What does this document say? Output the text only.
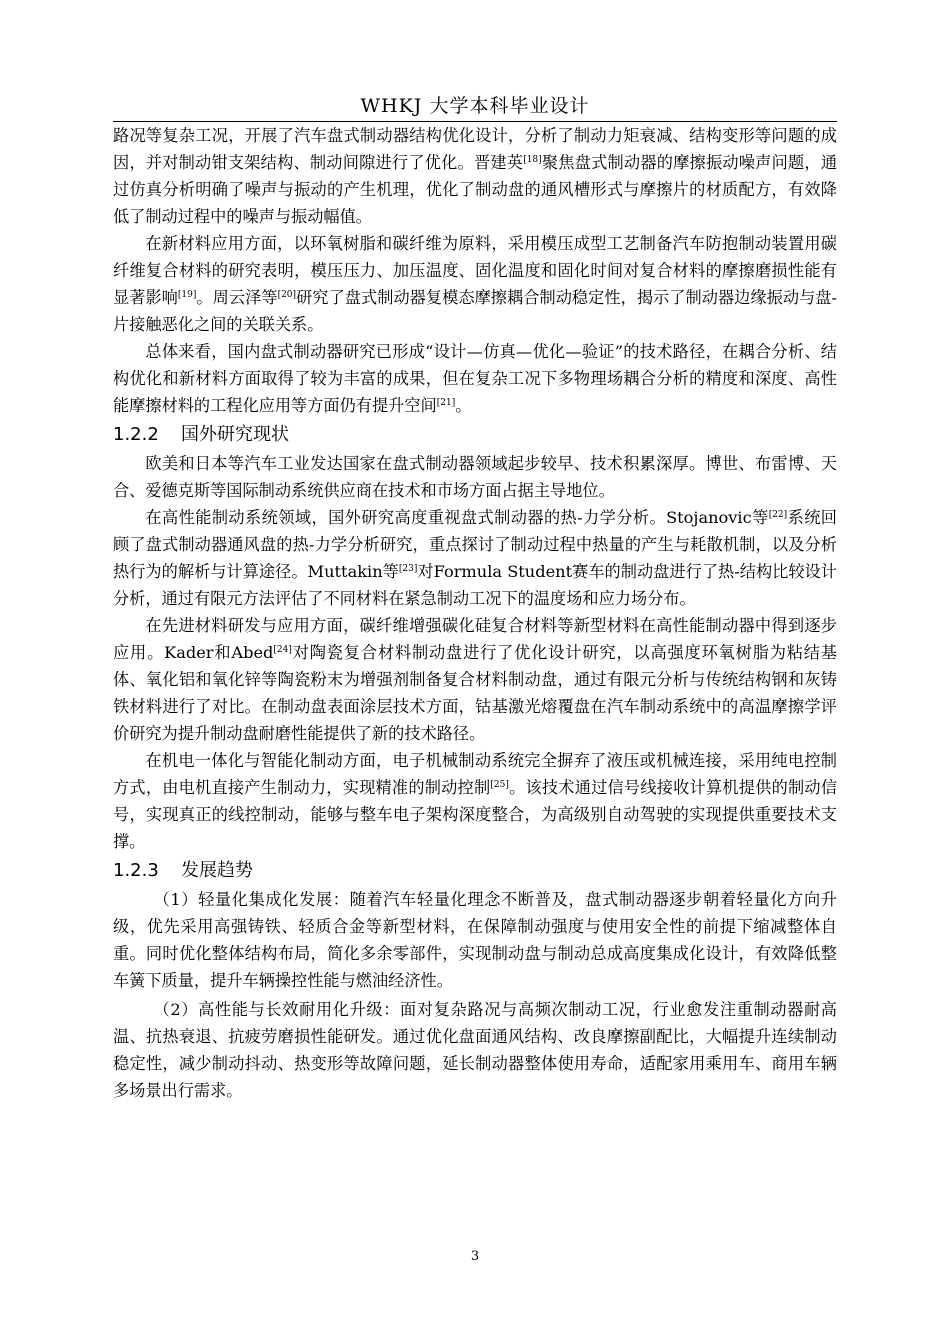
WHKJ 大学本科毕业设计

路况等复杂工况，开展了汽车盘式制动器结构优化设计，分析了制动力矩衰减、结构变形等问题的成因，并对制动钳支架结构、制动间隙进行了优化。晋建英[18]聚焦盘式制动器的摩擦振动噪声问题，通过仿真分析明确了噪声与振动的产生机理，优化了制动盘的通风槽形式与摩擦片的材质配方，有效降低了制动过程中的噪声与振动幅值。

在新材料应用方面，以环氧树脂和碳纤维为原料，采用模压成型工艺制备汽车防抱制动装置用碳纤维复合材料的研究表明，模压压力、加压温度、固化温度和固化时间对复合材料的摩擦磨损性能有显著影响[19]。周云泽等[20]研究了盘式制动器复模态摩擦耦合制动稳定性，揭示了制动器边缘振动与盘-片接触恶化之间的关联关系。

总体来看，国内盘式制动器研究已形成“设计—仿真—优化—验证”的技术路径，在耦合分析、结构优化和新材料方面取得了较为丰富的成果，但在复杂工况下多物理场耦合分析的精度和深度、高性能摩擦材料的工程化应用等方面仍有提升空间[21]。

1.2.2 国外研究现状

欧美和日本等汽车工业发达国家在盘式制动器领域起步较早、技术积累深厚。博世、布雷博、天合、爱德克斯等国际制动系统供应商在技术和市场方面占据主导地位。

在高性能制动系统领域，国外研究高度重视盘式制动器的热-力学分析。Stojanovic等[22]系统回顾了盘式制动器通风盘的热-力学分析研究，重点探讨了制动过程中热量的产生与耗散机制，以及分析热行为的解析与计算途径。Muttakin等[23]对Formula Student赛车的制动盘进行了热-结构比较设计分析，通过有限元方法评估了不同材料在紧急制动工况下的温度场和应力场分布。

在先进材料研发与应用方面，碳纤维增强碳化硅复合材料等新型材料在高性能制动器中得到逐步应用。Kader和Abed[24]对陶瓷复合材料制动盘进行了优化设计研究，以高强度环氧树脂为粘结基体、氧化铝和氧化锌等陶瓷粉末为增强剂制备复合材料制动盘，通过有限元分析与传统结构钢和灰铸铁材料进行了对比。在制动盘表面涂层技术方面，钴基激光熔覆盘在汽车制动系统中的高温摩擦学评价研究为提升制动盘耐磨性能提供了新的技术路径。

在机电一体化与智能化制动方面，电子机械制动系统完全摒弃了液压或机械连接，采用纯电控制方式，由电机直接产生制动力，实现精准的制动控制[25]。该技术通过信号线接收计算机提供的制动信号，实现真正的线控制动，能够与整车电子架构深度整合，为高级别自动驾驶的实现提供重要技术支撑。

1.2.3 发展趋势

（1）轻量化集成化发展：随着汽车轻量化理念不断普及，盘式制动器逐步朝着轻量化方向升级，优先采用高强铸铁、轻质合金等新型材料，在保障制动强度与使用安全性的前提下缩减整体自重。同时优化整体结构布局，简化多余零部件，实现制动盘与制动总成高度集成化设计，有效降低整车簧下质量，提升车辆操控性能与燃油经济性。

（2）高性能与长效耐用化升级：面对复杂路况与高频次制动工况，行业愈发注重制动器耐高温、抗热衰退、抗疲劳磨损性能研发。通过优化盘面通风结构、改良摩擦副配比，大幅提升连续制动稳定性，减少制动抖动、热变形等故障问题，延长制动器整体使用寿命，适配家用乘用车、商用车辆多场景出行需求。

3
